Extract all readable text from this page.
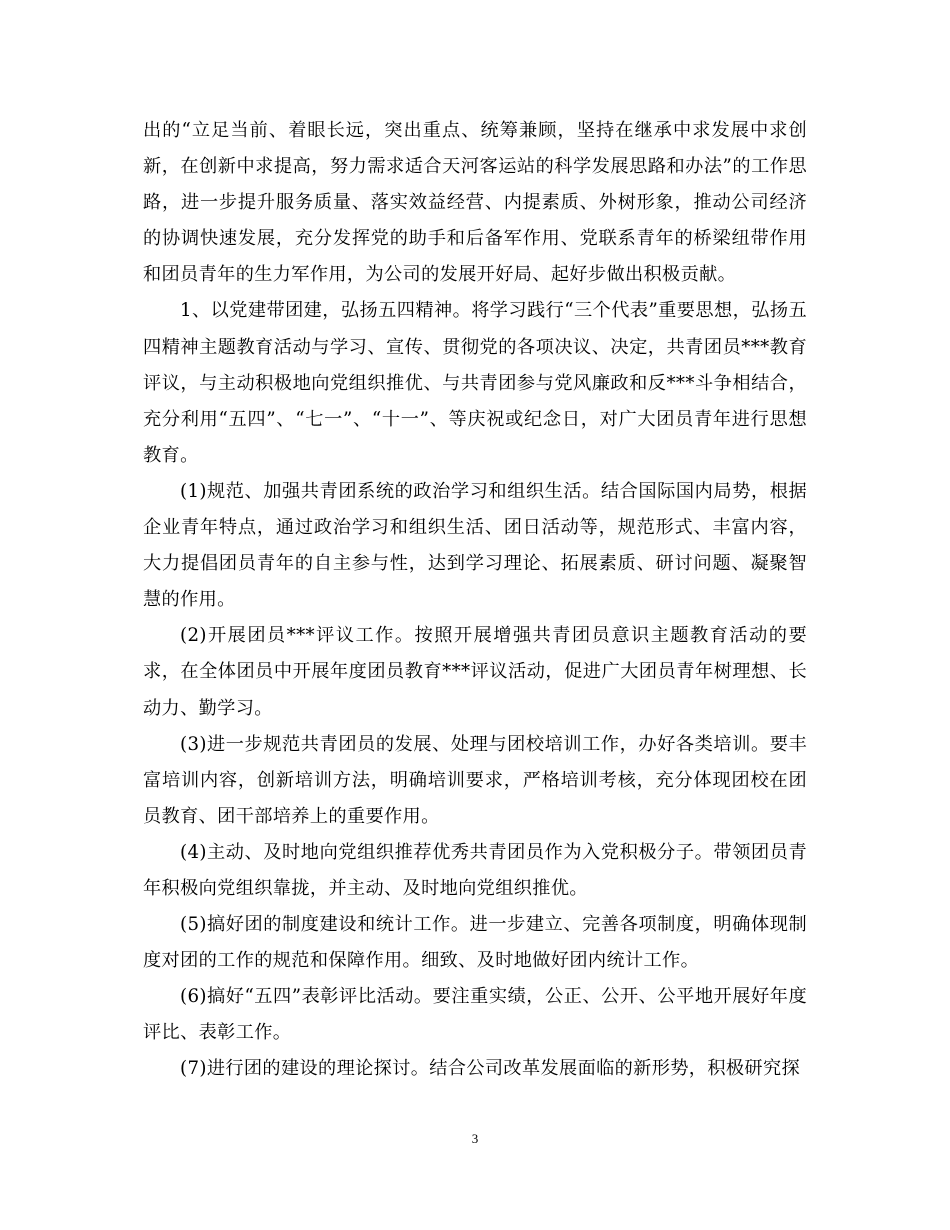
出的“立足当前、着眼长远，突出重点、统筹兼顾，坚持在继承中求发展中求创新，在创新中求提高，努力需求适合天河客运站的科学发展思路和办法”的工作思路，进一步提升服务质量、落实效益经营、内提素质、外树形象，推动公司经济的协调快速发展，充分发挥党的助手和后备军作用、党联系青年的桥梁纽带作用和团员青年的生力军作用，为公司的发展开好局、起好步做出积极贡献。

1、以党建带团建，弘扬五四精神。将学习践行“三个代表”重要思想，弘扬五四精神主题教育活动与学习、宣传、贯彻党的各项决议、决定，共青团员***教育评议，与主动积极地向党组织推优、与共青团参与党风廉政和反***斗争相结合，充分利用“五四”、“七一”、“十一”、等庆祝或纪念日，对广大团员青年进行思想教育。

(1)规范、加强共青团系统的政治学习和组织生活。结合国际国内局势，根据企业青年特点，通过政治学习和组织生活、团日活动等，规范形式、丰富内容，大力提倡团员青年的自主参与性，达到学习理论、拓展素质、研讨问题、凝聚智慧的作用。

(2)开展团员***评议工作。按照开展增强共青团员意识主题教育活动的要求，在全体团员中开展年度团员教育***评议活动，促进广大团员青年树理想、长动力、勤学习。

(3)进一步规范共青团员的发展、处理与团校培训工作，办好各类培训。要丰富培训内容，创新培训方法，明确培训要求，严格培训考核，充分体现团校在团员教育、团干部培养上的重要作用。

(4)主动、及时地向党组织推荐优秀共青团员作为入党积极分子。带领团员青年积极向党组织靠拢，并主动、及时地向党组织推优。

(5)搞好团的制度建设和统计工作。进一步建立、完善各项制度，明确体现制度对团的工作的规范和保障作用。细致、及时地做好团内统计工作。

(6)搞好“五四”表彰评比活动。要注重实绩，公正、公开、公平地开展好年度评比、表彰工作。

(7)进行团的建设的理论探讨。结合公司改革发展面临的新形势，积极研究探

3
